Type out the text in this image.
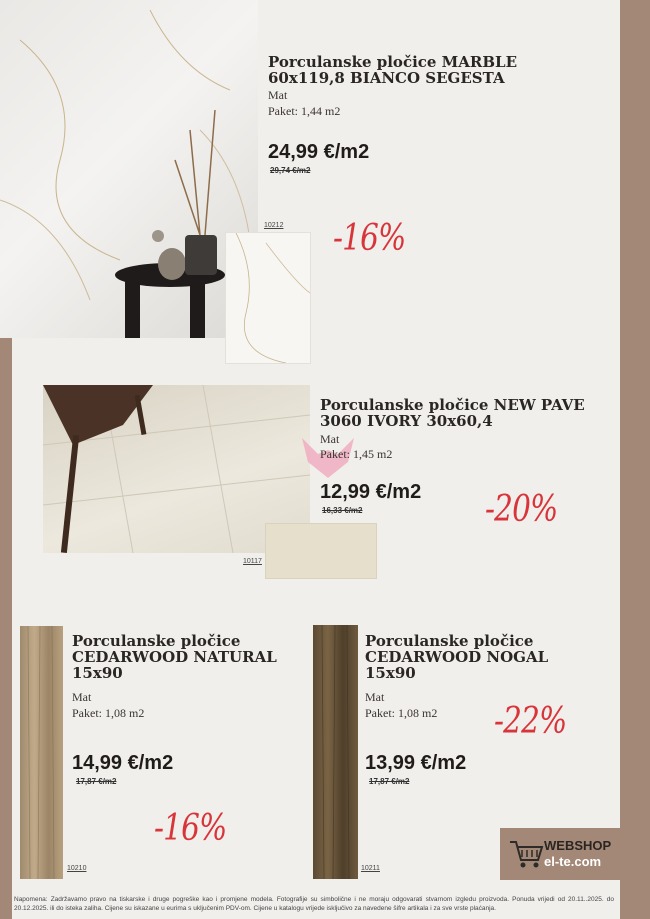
Porculanske pločice MARBLE
60x119,8 BIANCO SEGESTA
Mat
Paket: 1,44 m2
24,99 €/m2
29,74 €/m2
10212 -16%
Porculanske pločice NEW PAVE
3060 IVORY 30x60,4
Mat
Paket: 1,45 m2
12,99 €/m2
16,33 €/m2
10117
-20%
Porculanske pločice
CEDARWOOD NATURAL
15x90
Mat
Paket: 1,08 m2
14,99 €/m2
17,87 €/m2
10210
-16%
Porculanske pločice
CEDARWOOD NOGAL
15x90
Mat
Paket: 1,08 m2
13,99 €/m2
17,87 €/m2
10211
-22%
WEBSHOP
el-te.com
Napomena: Zadržavamo pravo na tiskarske i druge pogreške kao i promjene modela. Fotografije su simbolične i ne moraju odgovarati stvarnom izgledu proizvoda. Ponuda vrijedi od 20.11..2025. do 20.12.2025. ili do isteka zaliha. Cijene su iskazane u eurima s uključenim PDV-om. Cijene u katalogu vrijede isključivo za navedene šifre artikala i za sve vrste plaćanja.
